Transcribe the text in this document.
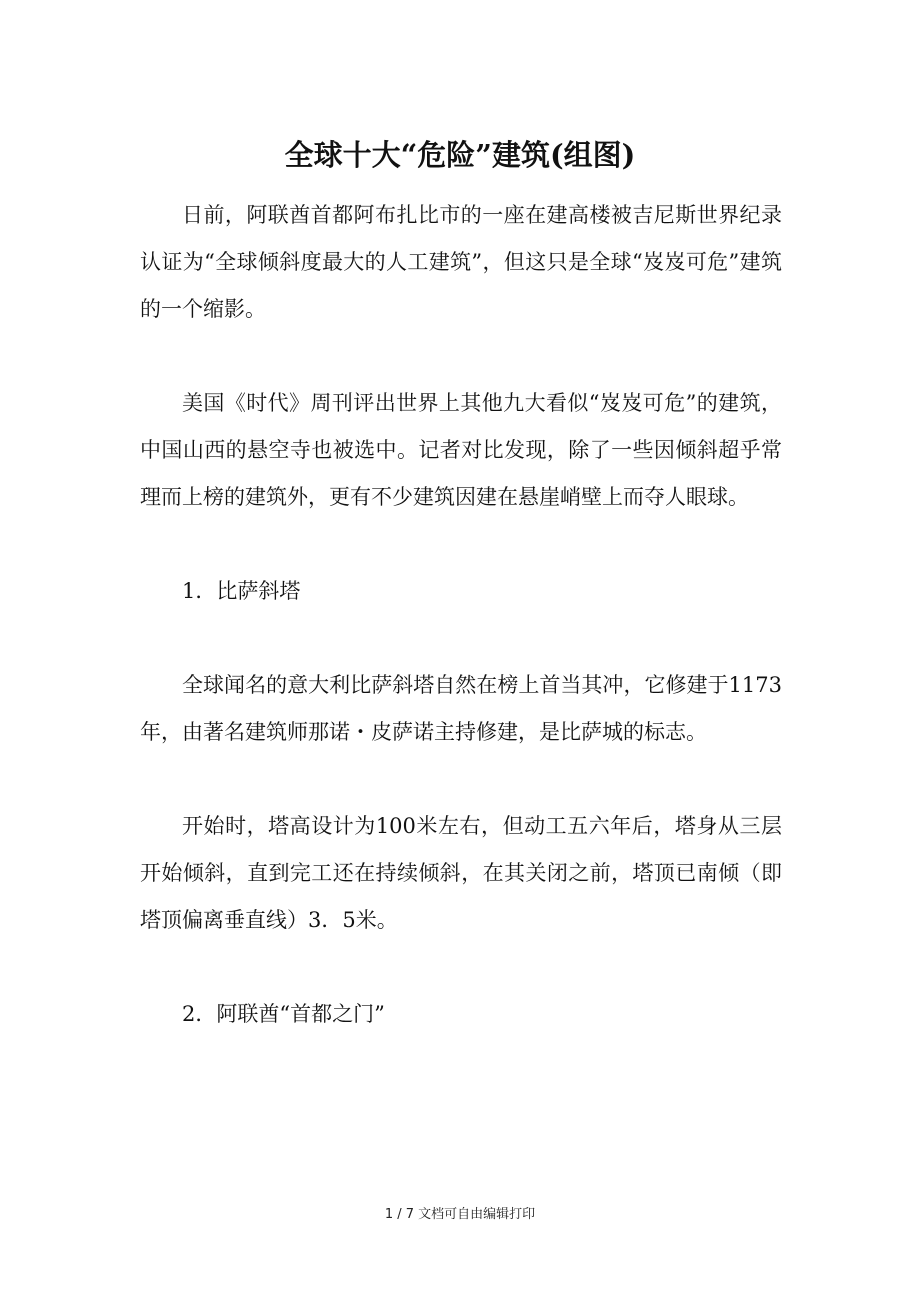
全球十大“危险”建筑(组图)

日前，阿联酋首都阿布扎比市的一座在建高楼被吉尼斯世界纪录认证为“全球倾斜度最大的人工建筑”，但这只是全球“岌岌可危”建筑的一个缩影。

美国《时代》周刊评出世界上其他九大看似“岌岌可危”的建筑，中国山西的悬空寺也被选中。记者对比发现，除了一些因倾斜超乎常理而上榜的建筑外，更有不少建筑因建在悬崖峭壁上而夺人眼球。

1．比萨斜塔

全球闻名的意大利比萨斜塔自然在榜上首当其冲，它修建于1173年，由著名建筑师那诺・皮萨诺主持修建，是比萨城的标志。

开始时，塔高设计为100米左右，但动工五六年后，塔身从三层开始倾斜，直到完工还在持续倾斜，在其关闭之前，塔顶已南倾（即塔顶偏离垂直线）3．5米。

2．阿联酋“首都之门”

1 / 7 文档可自由编辑打印
